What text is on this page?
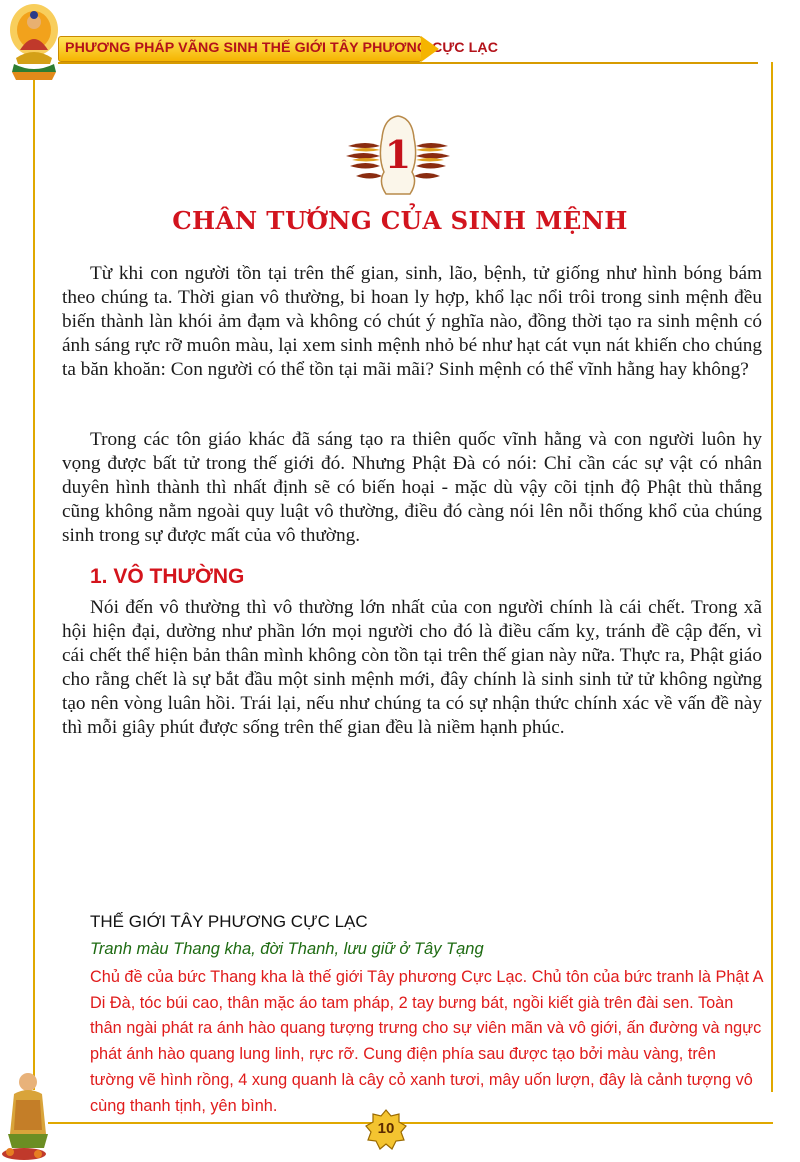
PHƯƠNG PHÁP VÃNG SINH THẾ GIỚI TÂY PHƯƠNG CỰC LẠC
1
CHÂN TƯỚNG CỦA SINH MỆNH

Từ khi con người tồn tại trên thế gian, sinh, lão, bệnh, tử giống như hình bóng bám theo chúng ta. Thời gian vô thường, bi hoan ly hợp, khổ lạc nổi trôi trong sinh mệnh đều biến thành làn khói ảm đạm và không có chút ý nghĩa nào, đồng thời tạo ra sinh mệnh có ánh sáng rực rỡ muôn màu, lại xem sinh mệnh nhỏ bé như hạt cát vụn nát khiến cho chúng ta băn khoăn: Con người có thể tồn tại mãi mãi? Sinh mệnh có thể vĩnh hằng hay không?

Trong các tôn giáo khác đã sáng tạo ra thiên quốc vĩnh hằng và con người luôn hy vọng được bất tử trong thế giới đó. Nhưng Phật Đà có nói: Chỉ cần các sự vật có nhân duyên hình thành thì nhất định sẽ có biến hoại - mặc dù vậy cõi tịnh độ Phật thù thắng cũng không nằm ngoài quy luật vô thường, điều đó càng nói lên nỗi thống khổ của chúng sinh trong sự được mất của vô thường.

1. VÔ THƯỜNG

Nói đến vô thường thì vô thường lớn nhất của con người chính là cái chết. Trong xã hội hiện đại, dường như phần lớn mọi người cho đó là điều cấm kỵ, tránh đề cập đến, vì cái chết thể hiện bản thân mình không còn tồn tại trên thế gian này nữa. Thực ra, Phật giáo cho rằng chết là sự bắt đầu một sinh mệnh mới, đây chính là sinh sinh tử tử không ngừng tạo nên vòng luân hồi. Trái lại, nếu như chúng ta có sự nhận thức chính xác về vấn đề này thì mỗi giây phút được sống trên thế gian đều là niềm hạnh phúc.

THẾ GIỚI TÂY PHƯƠNG CỰC LẠC
Tranh màu Thang kha, đời Thanh, lưu giữ ở Tây Tạng
Chủ đề của bức Thang kha là thế giới Tây phương Cực Lạc. Chủ tôn của bức tranh là Phật A Di Đà, tóc búi cao, thân mặc áo tam pháp, 2 tay bưng bát, ngồi kiết già trên đài sen. Toàn thân ngài phát ra ánh hào quang tượng trưng cho sự viên mãn và vô giới, ấn đường và ngực phát ánh hào quang lung linh, rực rỡ. Cung điện phía sau được tạo bởi màu vàng, trên tường vẽ hình rồng, 4 xung quanh là cây cỏ xanh tươi, mây uốn lượn, đây là cảnh tượng vô cùng thanh tịnh, yên bình.
10
